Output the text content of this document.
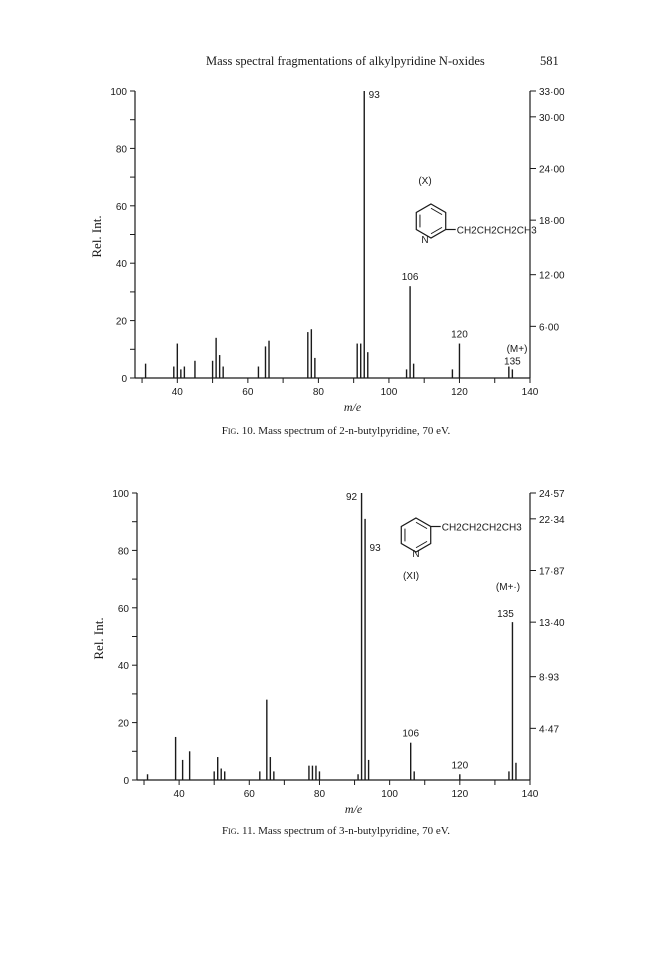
Mass spectral fragmentations of alkylpyridine N-oxides	581
0
20
40
60
80
100
40	60	80	100	120	140
33·00
30·00
24·00
18·00
12·00
6·00
Rel. Int.
m/e
93
106
120
135
(M+)
N
CH2CH2CH2CH3
(X)
Fig. 10. Mass spectrum of 2-n-butylpyridine, 70 eV.
0
20
40
60
80
100
40	60	80	100	120	140
24·57
22·34
17·87
13·40
8·93
4·47
Rel. Int.
m/e
92
93
106
120
135
(M+·)
N
CH2CH2CH2CH3
(XI)
Fig. 11. Mass spectrum of 3-n-butylpyridine, 70 eV.
